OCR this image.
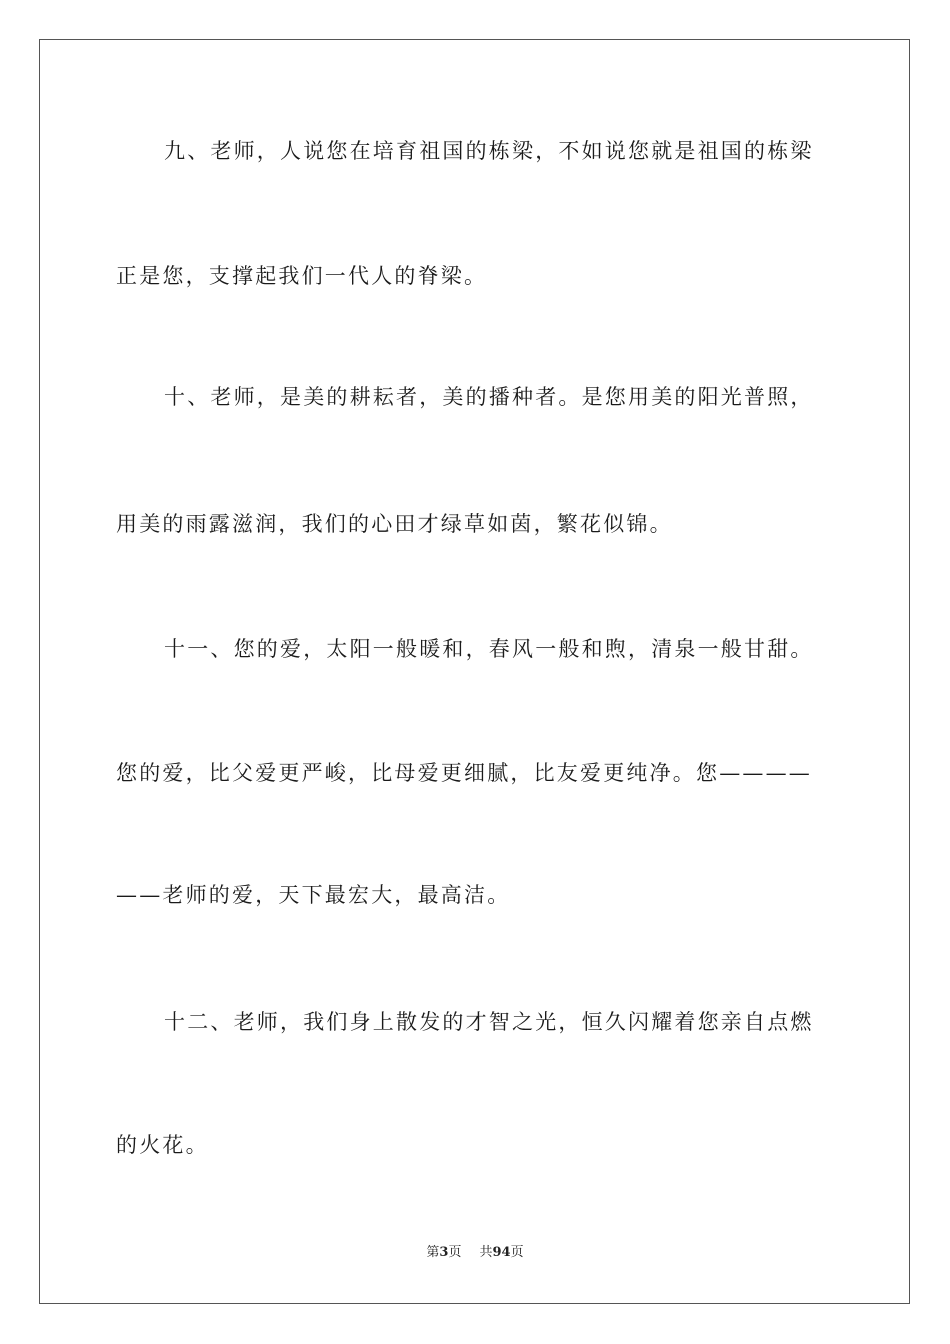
九、老师，人说您在培育祖国的栋梁，不如说您就是祖国的栋梁
正是您，支撑起我们一代人的脊梁。
十、老师，是美的耕耘者，美的播种者。是您用美的阳光普照，
用美的雨露滋润，我们的心田才绿草如茵，繁花似锦。
十一、您的爱，太阳一般暖和，春风一般和煦，清泉一般甘甜。
您的爱，比父爱更严峻，比母爱更细腻，比友爱更纯净。您————
——老师的爱，天下最宏大，最高洁。
十二、老师，我们身上散发的才智之光，恒久闪耀着您亲自点燃
的火花。
第3页 共94页
